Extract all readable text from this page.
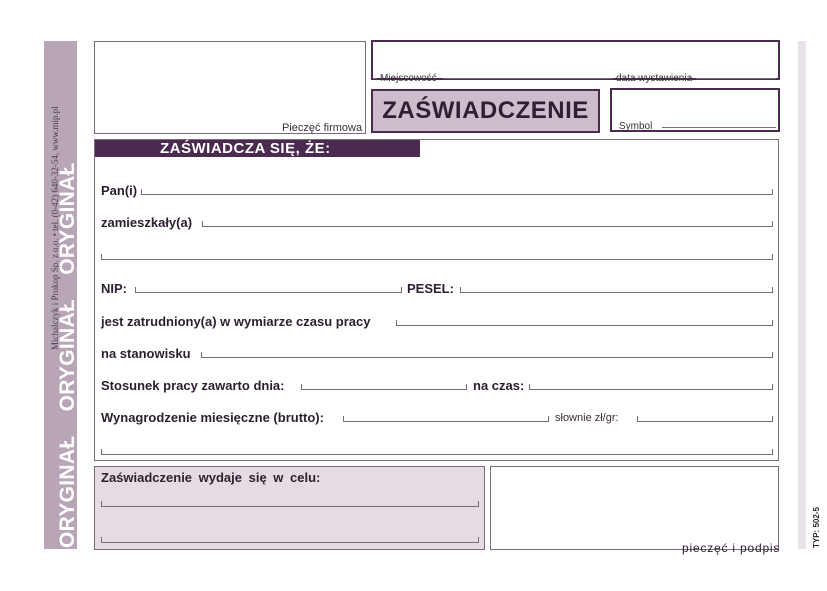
Michalczyk i Prokop Sp. z o.o. • tel. (0-42) 640-32-54, www.mip.pl
ORYGINAŁ ORYGINAŁ ORYGINAŁ
TYP: 502-5
Pieczęć firmowa
Miejscowość	data wystawienia
ZAŚWIADCZENIE
Symbol
ZAŚWIADCZA SIĘ, ŻE:
Pan(i)
zamieszkały(a)
NIP:	PESEL:
jest zatrudniony(a) w wymiarze czasu pracy
na stanowisku
Stosunek pracy zawarto dnia:	na czas:
Wynagrodzenie miesięczne (brutto):	słownie zł/gr:
Zaświadczenie wydaje się w celu:
pieczęć i podpis
